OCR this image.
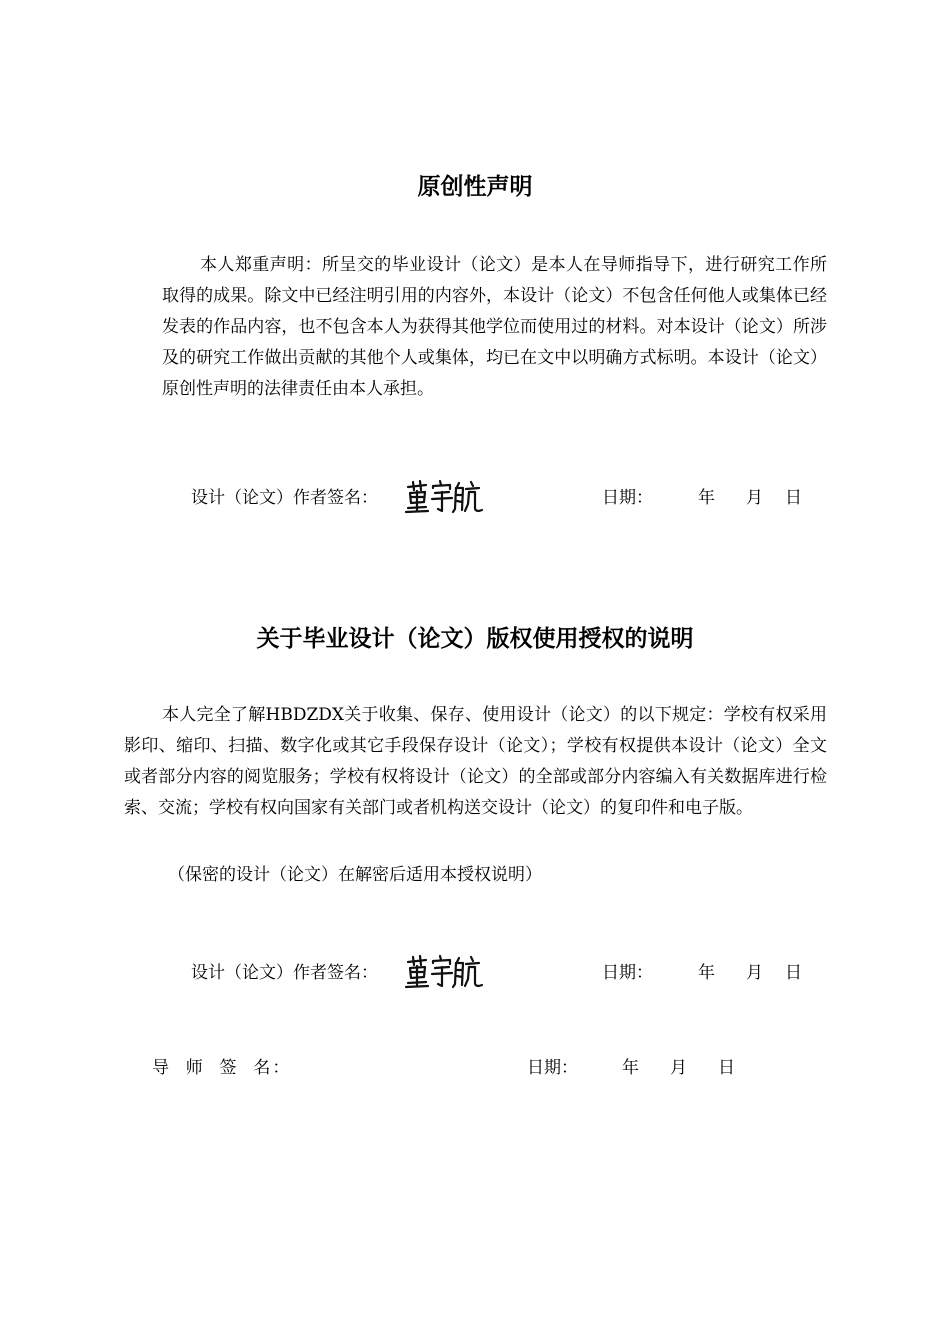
原创性声明

本人郑重声明：所呈交的毕业设计（论文）是本人在导师指导下，进行研究工作所取得的成果。除文中已经注明引用的内容外，本设计（论文）不包含任何他人或集体已经发表的作品内容，也不包含本人为获得其他学位而使用过的材料。对本设计（论文）所涉及的研究工作做出贡献的其他个人或集体，均已在文中以明确方式标明。本设计（论文）原创性声明的法律责任由本人承担。

设计（论文）作者签名：	日期：	年 月 日
关于毕业设计（论文）版权使用授权的说明

本人完全了解HBDZDX关于收集、保存、使用设计（论文）的以下规定：学校有权采用影印、缩印、扫描、数字化或其它手段保存设计（论文）；学校有权提供本设计（论文）全文或者部分内容的阅览服务；学校有权将设计（论文）的全部或部分内容编入有关数据库进行检索、交流；学校有权向国家有关部门或者机构送交设计（论文）的复印件和电子版。

（保密的设计（论文）在解密后适用本授权说明）

设计（论文）作者签名：	日期：	年 月 日
导  师  签  名：	日期：	年 月 日
